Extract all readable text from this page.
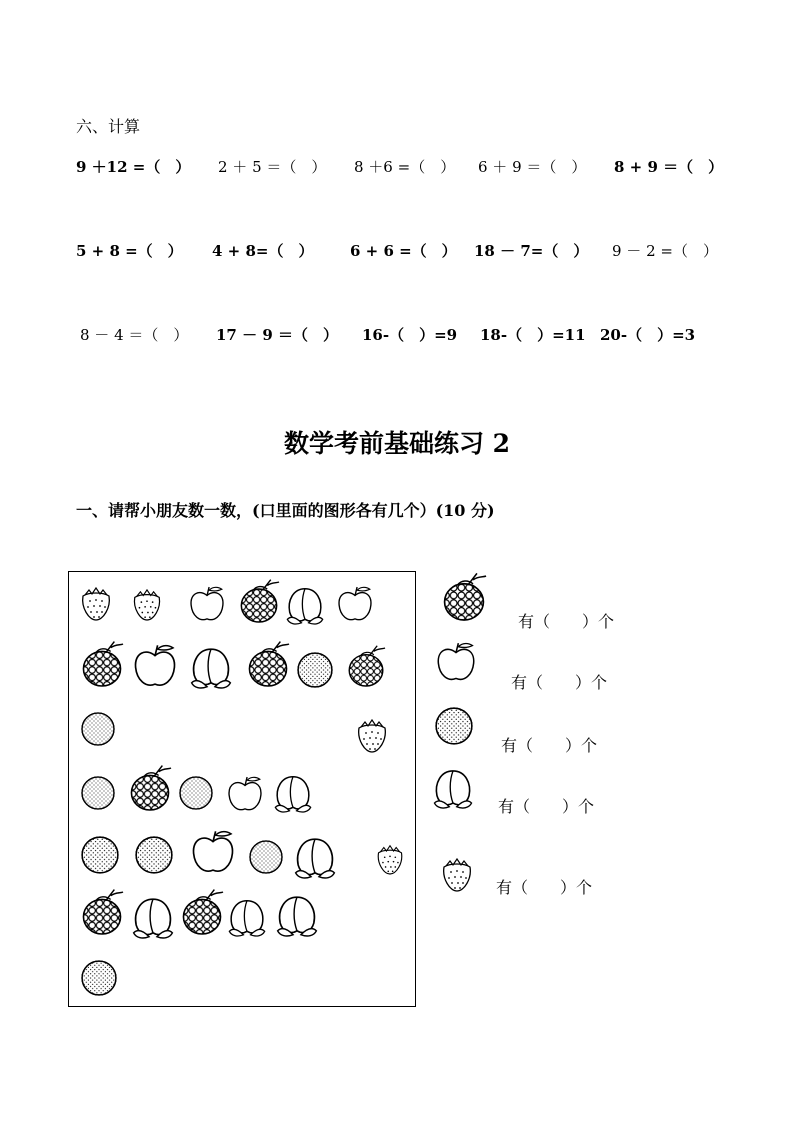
六、计算
9 ＋12 =（　） 2 ＋ 5 ＝（　） 8 ＋6 =（　） 6 ＋ 9 ＝（　） 8 + 9 ＝（　）
5 + 8 =（　） 4 + 8=（　） 6 + 6 =（　） 18 － 7=（　） 9 － 2 =（　）
8 － 4 ＝（　） 17 － 9 ＝（　） 16-（　）=9 18-（　）=11 20-（　）=3
数学考前基础练习 2
一、请帮小朋友数一数，(口里面的图形各有几个）(10 分)
有（　　）个
有（　　）个
有（　　）个
有（　　）个
有（　　）个
